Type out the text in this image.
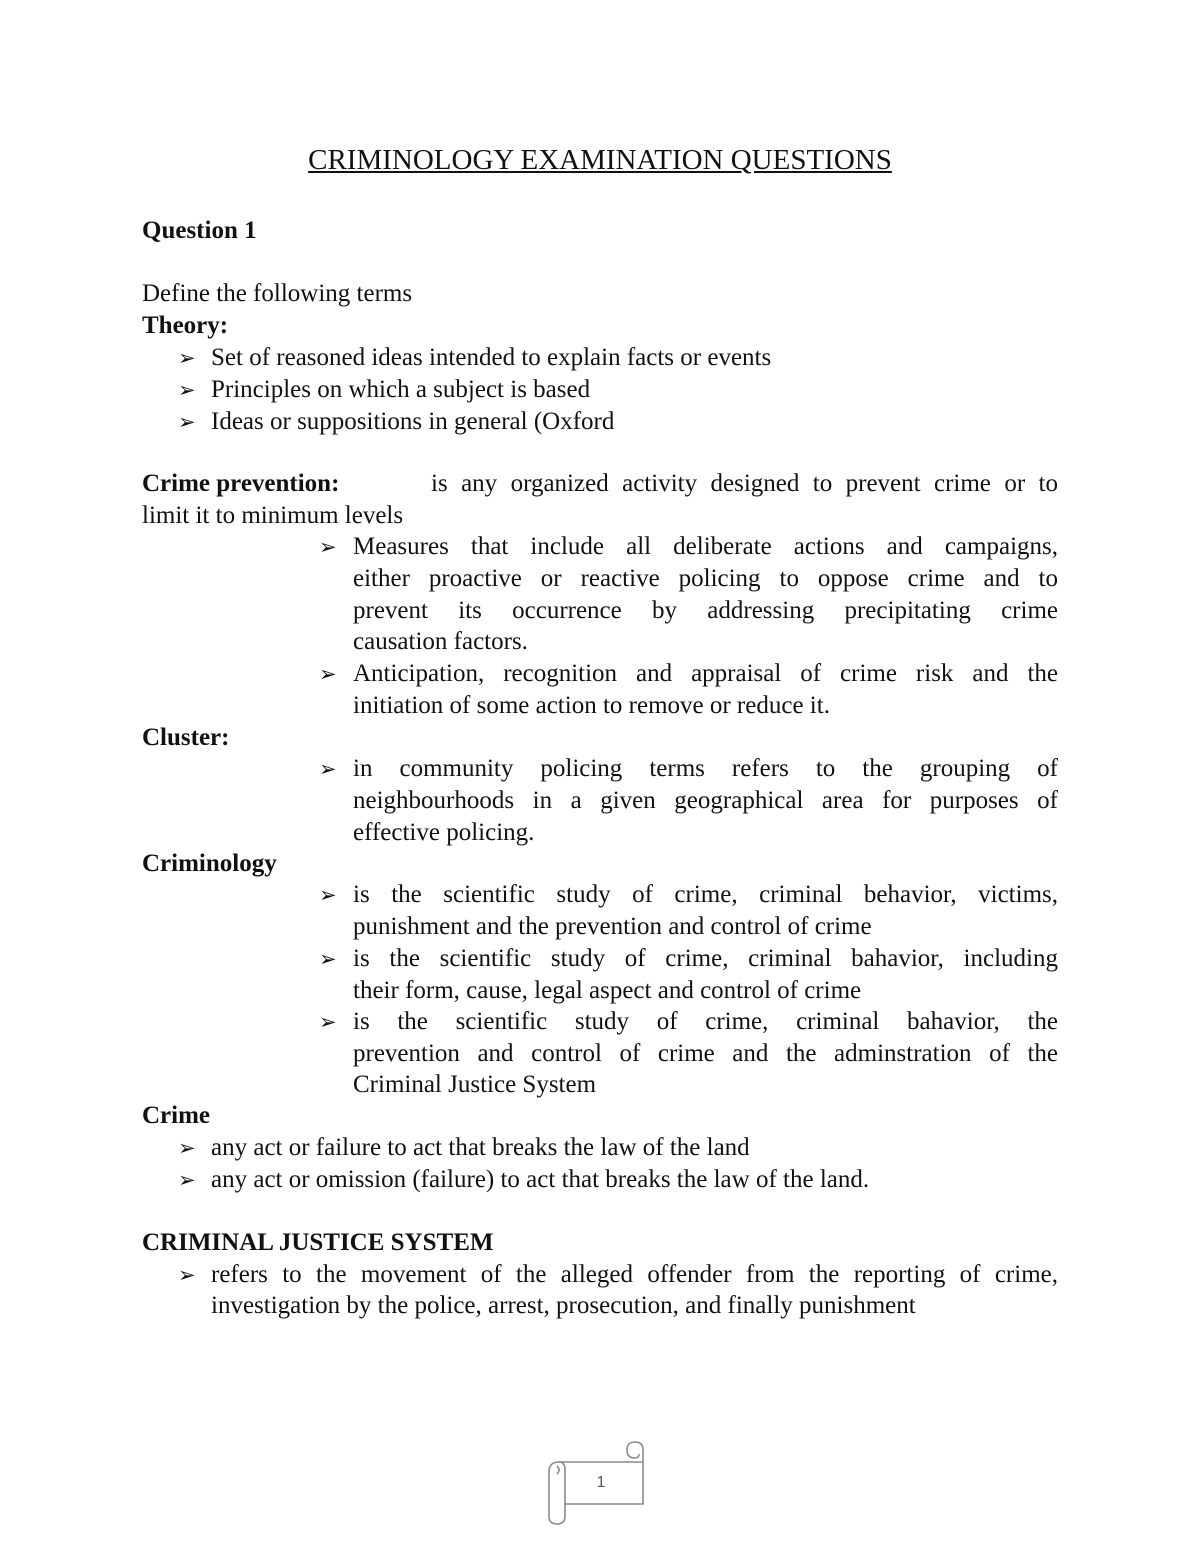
CRIMINOLOGY EXAMINATION QUESTIONS
Question 1
Define the following terms
Theory:
➢ Set of reasoned ideas intended to explain facts or events
➢ Principles on which a subject is based
➢ Ideas or suppositions in general (Oxford
Crime prevention:	is any organized activity designed to prevent crime or to
limit it to minimum levels
➢ Measures that include all deliberate actions and campaigns,
either proactive or reactive policing to oppose crime and to
prevent its occurrence by addressing precipitating crime
causation factors.
➢ Anticipation, recognition and appraisal of crime risk and the
initiation of some action to remove or reduce it.
Cluster:
➢ in community policing terms refers to the grouping of
neighbourhoods in a given geographical area for purposes of
effective policing.
Criminology
➢ is the scientific study of crime, criminal behavior, victims,
punishment and the prevention and control of crime
➢ is the scientific study of crime, criminal bahavior, including
their form, cause, legal aspect and control of crime
➢ is the scientific study of crime, criminal bahavior, the
prevention and control of crime and the adminstration of the
Criminal Justice System
Crime
➢ any act or failure to act that breaks the law of the land
➢ any act or omission (failure) to act that breaks the law of the land.
CRIMINAL JUSTICE SYSTEM
➢ refers to the movement of the alleged offender from the reporting of crime,
investigation by the police, arrest, prosecution, and finally punishment
1
